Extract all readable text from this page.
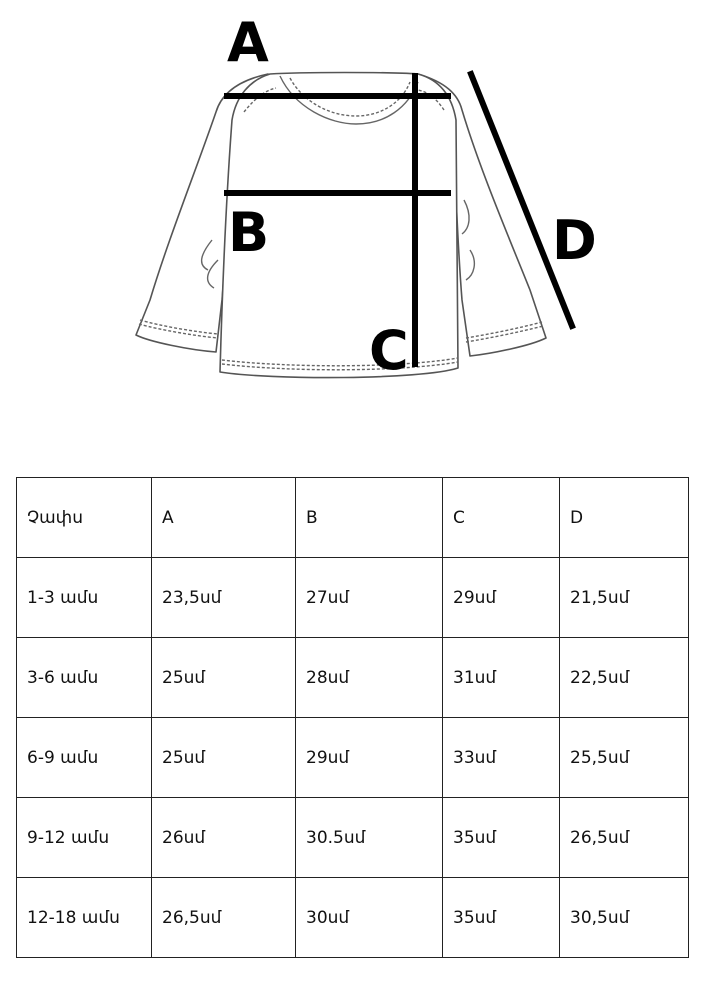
A
B
C
D
Չափս	A	B	C	D
1-3 ամս	23,5սմ	27սմ	29սմ	21,5սմ
3-6 ամս	25սմ	28սմ	31սմ	22,5սմ
6-9 ամս	25սմ	29սմ	33սմ	25,5սմ
9-12 ամս	26սմ	30.5սմ	35սմ	26,5սմ
12-18 ամս	26,5սմ	30սմ	35սմ	30,5սմ
